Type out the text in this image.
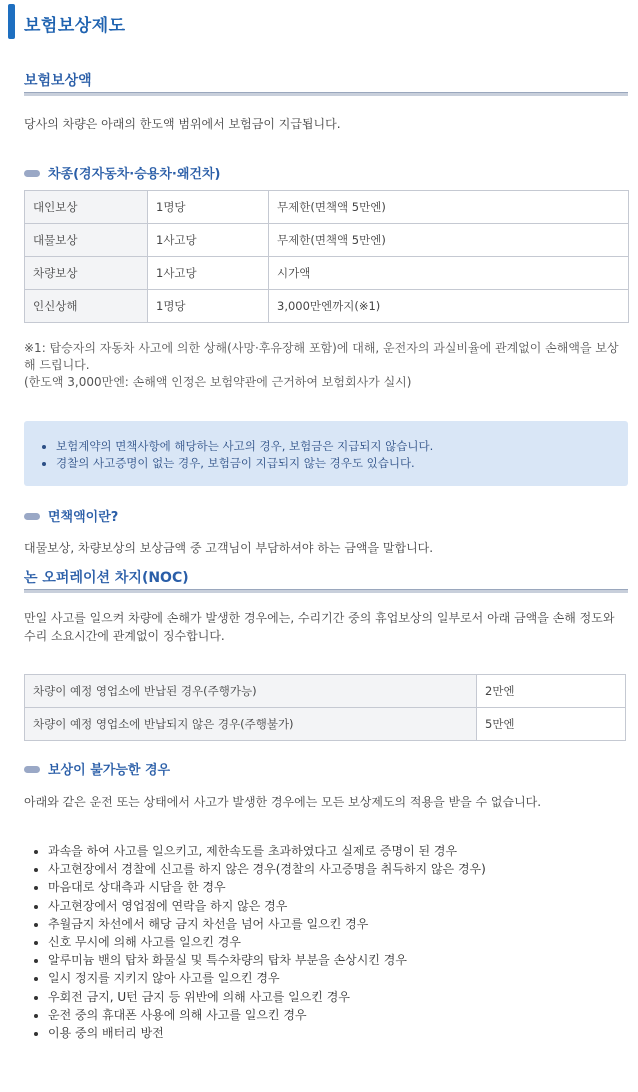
보험보상제도
보험보상액
당사의 차량은 아래의 한도액 범위에서 보험금이 지급됩니다.
차종(경자동차·승용차·왜건차)
대인보상	1명당	무제한(면책액 5만엔)
대물보상	1사고당	무제한(면책액 5만엔)
차량보상	1사고당	시가액
인신상해	1명당	3,000만엔까지(※1)
※1: 탑승자의 자동차 사고에 의한 상해(사망·후유장해 포함)에 대해, 운전자의 과실비율에 관계없이 손해액을 보상해 드립니다.
(한도액 3,000만엔: 손해액 인정은 보험약관에 근거하여 보험회사가 실시)
• 보험계약의 면책사항에 해당하는 사고의 경우, 보험금은 지급되지 않습니다.
• 경찰의 사고증명이 없는 경우, 보험금이 지급되지 않는 경우도 있습니다.
면책액이란?
대물보상, 차량보상의 보상금액 중 고객님이 부담하셔야 하는 금액을 말합니다.
논 오퍼레이션 차지(NOC)
만일 사고를 일으켜 차량에 손해가 발생한 경우에는, 수리기간 중의 휴업보상의 일부로서 아래 금액을 손해 정도와 수리 소요시간에 관계없이 징수합니다.
차량이 예정 영업소에 반납된 경우(주행가능)	2만엔
차량이 예정 영업소에 반납되지 않은 경우(주행불가)	5만엔
보상이 불가능한 경우
아래와 같은 운전 또는 상태에서 사고가 발생한 경우에는 모든 보상제도의 적용을 받을 수 없습니다.
• 과속을 하여 사고를 일으키고, 제한속도를 초과하였다고 실제로 증명이 된 경우
• 사고현장에서 경찰에 신고를 하지 않은 경우(경찰의 사고증명을 취득하지 않은 경우)
• 마음대로 상대측과 시담을 한 경우
• 사고현장에서 영업점에 연락을 하지 않은 경우
• 추월금지 차선에서 해당 금지 차선을 넘어 사고를 일으킨 경우
• 신호 무시에 의해 사고를 일으킨 경우
• 알루미늄 밴의 탑차 화물실 및 특수차량의 탑차 부분을 손상시킨 경우
• 일시 정지를 지키지 않아 사고를 일으킨 경우
• 우회전 금지, U턴 금지 등 위반에 의해 사고를 일으킨 경우
• 운전 중의 휴대폰 사용에 의해 사고를 일으킨 경우
• 이용 중의 배터리 방전
